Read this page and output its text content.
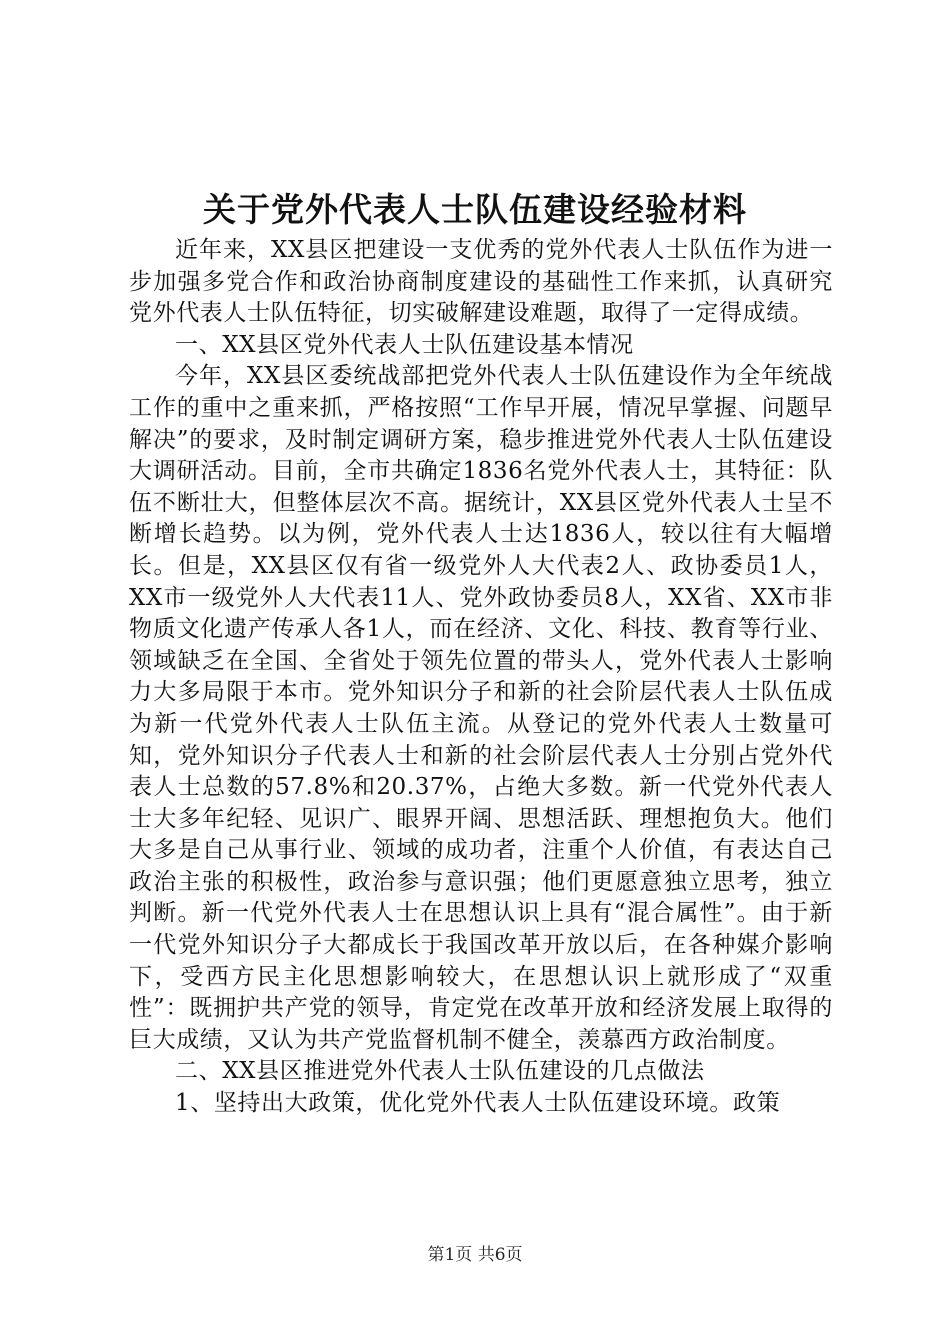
关于党外代表人士队伍建设经验材料

近年来，XX县区把建设一支优秀的党外代表人士队伍作为进一步加强多党合作和政治协商制度建设的基础性工作来抓，认真研究党外代表人士队伍特征，切实破解建设难题，取得了一定得成绩。

一、XX县区党外代表人士队伍建设基本情况

今年，XX县区委统战部把党外代表人士队伍建设作为全年统战工作的重中之重来抓，严格按照“工作早开展，情况早掌握、问题早解决”的要求，及时制定调研方案，稳步推进党外代表人士队伍建设大调研活动。目前，全市共确定1836名党外代表人士，其特征：队伍不断壮大，但整体层次不高。据统计，XX县区党外代表人士呈不断增长趋势。以为例，党外代表人士达1836人，较以往有大幅增长。但是，XX县区仅有省一级党外人大代表2人、政协委员1人，XX市一级党外人大代表11人、党外政协委员8人，XX省、XX市非物质文化遗产传承人各1人，而在经济、文化、科技、教育等行业、领域缺乏在全国、全省处于领先位置的带头人，党外代表人士影响力大多局限于本市。党外知识分子和新的社会阶层代表人士队伍成为新一代党外代表人士队伍主流。从登记的党外代表人士数量可知，党外知识分子代表人士和新的社会阶层代表人士分别占党外代表人士总数的57.8%和20.37%，占绝大多数。新一代党外代表人士大多年纪轻、见识广、眼界开阔、思想活跃、理想抱负大。他们大多是自己从事行业、领域的成功者，注重个人价值，有表达自己政治主张的积极性，政治参与意识强；他们更愿意独立思考，独立判断。新一代党外代表人士在思想认识上具有“混合属性”。由于新一代党外知识分子大都成长于我国改革开放以后，在各种媒介影响下，受西方民主化思想影响较大，在思想认识上就形成了“双重性”：既拥护共产党的领导，肯定党在改革开放和经济发展上取得的巨大成绩，又认为共产党监督机制不健全，羡慕西方政治制度。

二、XX县区推进党外代表人士队伍建设的几点做法

1、坚持出大政策，优化党外代表人士队伍建设环境。政策

第1页 共6页
